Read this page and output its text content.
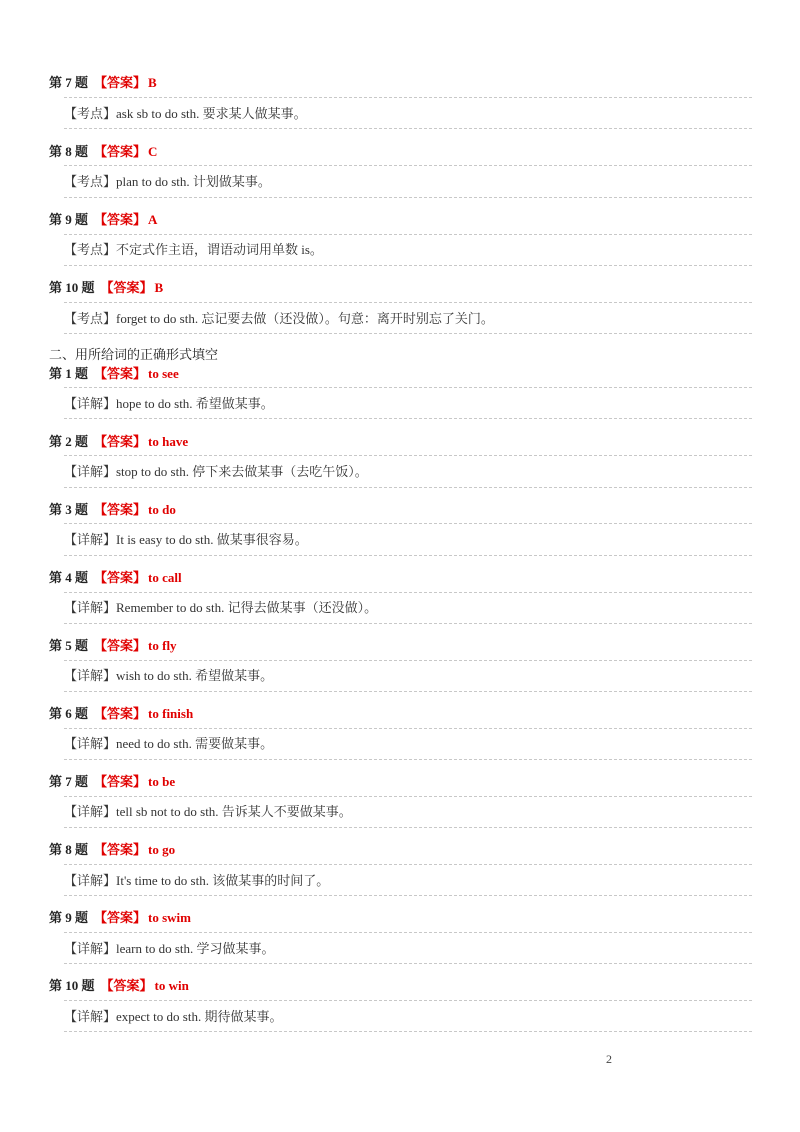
第 7 题 【答案】 B
【考点】ask sb to do sth. 要求某人做某事。
第 8 题 【答案】 C
【考点】plan to do sth. 计划做某事。
第 9 题 【答案】 A
【考点】不定式作主语，谓语动词用单数 is。
第 10 题 【答案】 B
【考点】forget to do sth. 忘记要去做（还没做）。句意：离开时别忘了关门。
二、用所给词的正确形式填空
第 1 题 【答案】 to see
【详解】hope to do sth. 希望做某事。
第 2 题 【答案】 to have
【详解】stop to do sth. 停下来去做某事（去吃午饭）。
第 3 题 【答案】 to do
【详解】It is easy to do sth. 做某事很容易。
第 4 题 【答案】 to call
【详解】Remember to do sth. 记得去做某事（还没做）。
第 5 题 【答案】 to fly
【详解】wish to do sth. 希望做某事。
第 6 题 【答案】 to finish
【详解】need to do sth. 需要做某事。
第 7 题 【答案】 to be
【详解】tell sb not to do sth. 告诉某人不要做某事。
第 8 题 【答案】 to go
【详解】It's time to do sth. 该做某事的时间了。
第 9 题 【答案】 to swim
【详解】learn to do sth. 学习做某事。
第 10 题 【答案】 to win
【详解】expect to do sth. 期待做某事。
2
